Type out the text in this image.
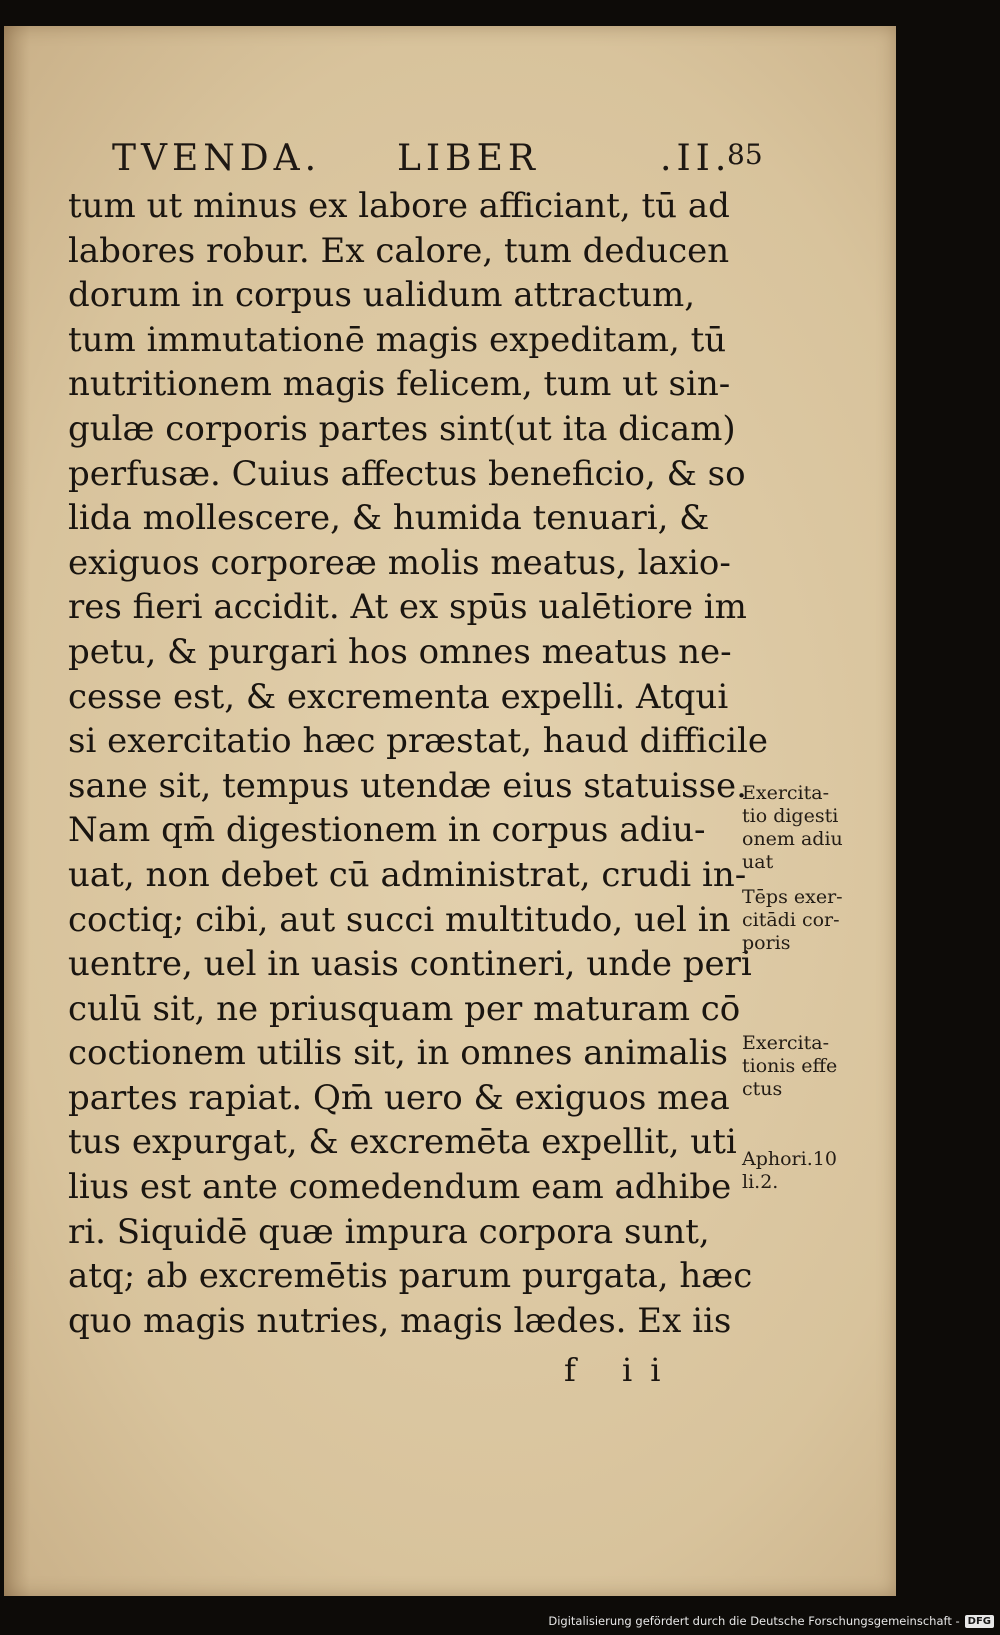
TVENDA. LIBER	.II.
85
tum ut minus ex labore afficiant, tū ad
labores robur. Ex calore, tum deducen
dorum in corpus ualidum attractum,
tum immutationē magis expeditam, tū
nutritionem magis felicem, tum ut sin-
gulæ corporis partes sint(ut ita dicam)
perfusæ. Cuius affectus beneficio, & so
lida mollescere, & humida tenuari, &
exiguos corporeæ molis meatus, laxio-
res fieri accidit. At ex spūs ualētiore im
petu, & purgari hos omnes meatus ne-
cesse est, & excrementa expelli. Atqui
si exercitatio hæc præstat, haud difficile
sane sit, tempus utendæ eius statuisse.
Nam qm̄ digestionem in corpus adiu-
uat, non debet cū administrat, crudi in-
coctiq; cibi, aut succi multitudo, uel in
uentre, uel in uasis contineri, unde peri
culū sit, ne priusquam per maturam cō
coctionem utilis sit, in omnes animalis
partes rapiat. Qm̄ uero & exiguos mea
tus expurgat, & excremēta expellit, uti
lius est ante comedendum eam adhibe
ri. Siquidē quæ impura corpora sunt,
atq; ab excremētis parum purgata, hæc
quo magis nutries, magis lædes. Ex iis
f ii
Exercita-
tio digesti
onem adiu
uat
Tēps exer-
citādi cor-
poris
Exercita-
tionis effe
ctus
Aphori.10
li.2.
Digitalisierung gefördert durch die Deutsche Forschungsgemeinschaft - DFG
